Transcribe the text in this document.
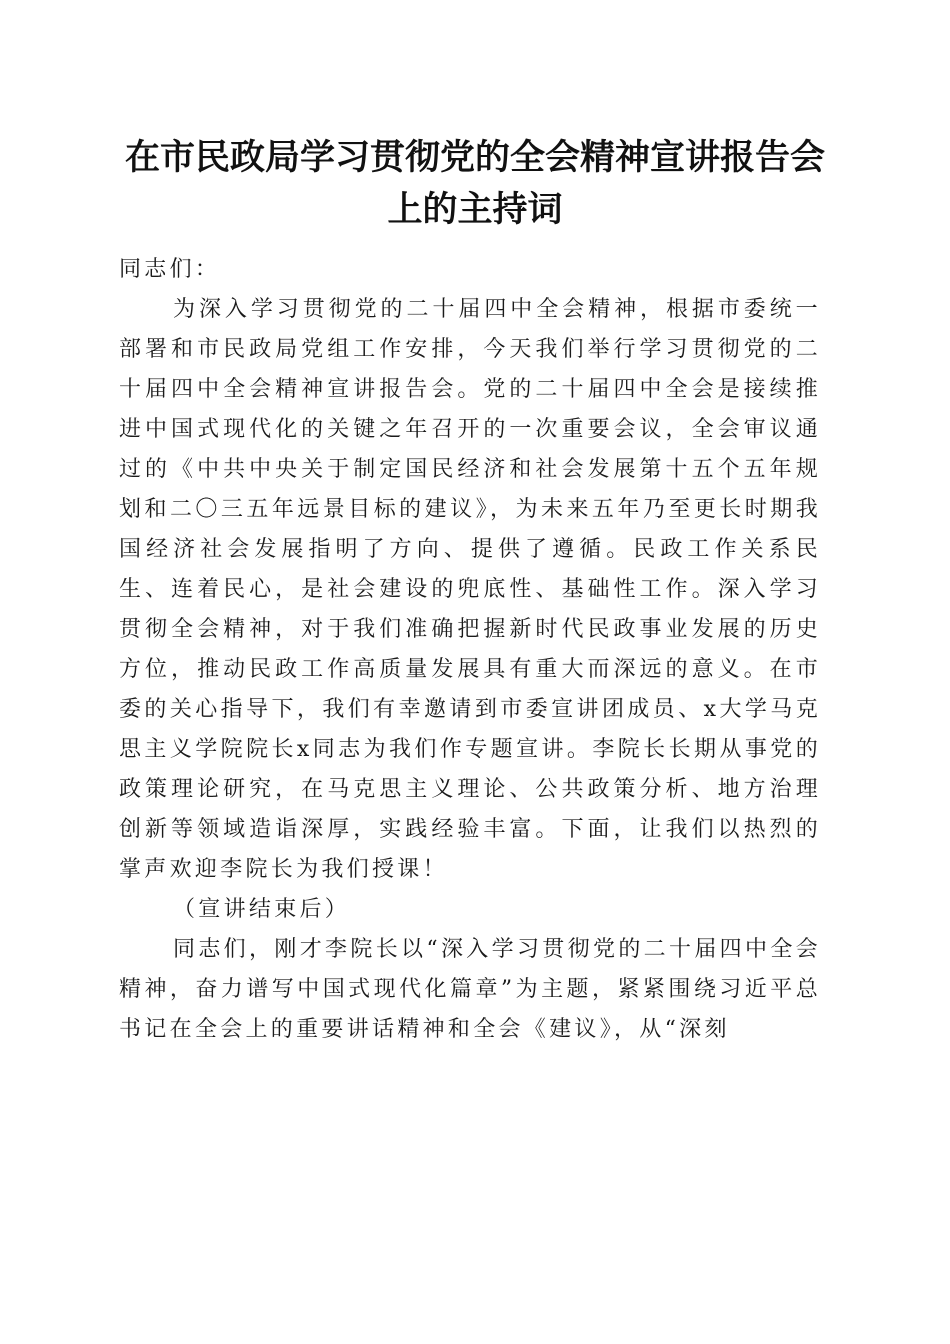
在市民政局学习贯彻党的全会精神宣讲报告会上的主持词

同志们：

为深入学习贯彻党的二十届四中全会精神，根据市委统一部署和市民政局党组工作安排，今天我们举行学习贯彻党的二十届四中全会精神宣讲报告会。党的二十届四中全会是接续推进中国式现代化的关键之年召开的一次重要会议，全会审议通过的《中共中央关于制定国民经济和社会发展第十五个五年规划和二〇三五年远景目标的建议》，为未来五年乃至更长时期我国经济社会发展指明了方向、提供了遵循。民政工作关系民生、连着民心，是社会建设的兜底性、基础性工作。深入学习贯彻全会精神，对于我们准确把握新时代民政事业发展的历史方位，推动民政工作高质量发展具有重大而深远的意义。在市委的关心指导下，我们有幸邀请到市委宣讲团成员、x大学马克思主义学院院长x同志为我们作专题宣讲。李院长长期从事党的政策理论研究，在马克思主义理论、公共政策分析、地方治理创新等领域造诣深厚，实践经验丰富。下面，让我们以热烈的掌声欢迎李院长为我们授课！

（宣讲结束后）

同志们，刚才李院长以“深入学习贯彻党的二十届四中全会精神，奋力谱写中国式现代化篇章”为主题，紧紧围绕习近平总书记在全会上的重要讲话精神和全会《建议》，从“深刻
